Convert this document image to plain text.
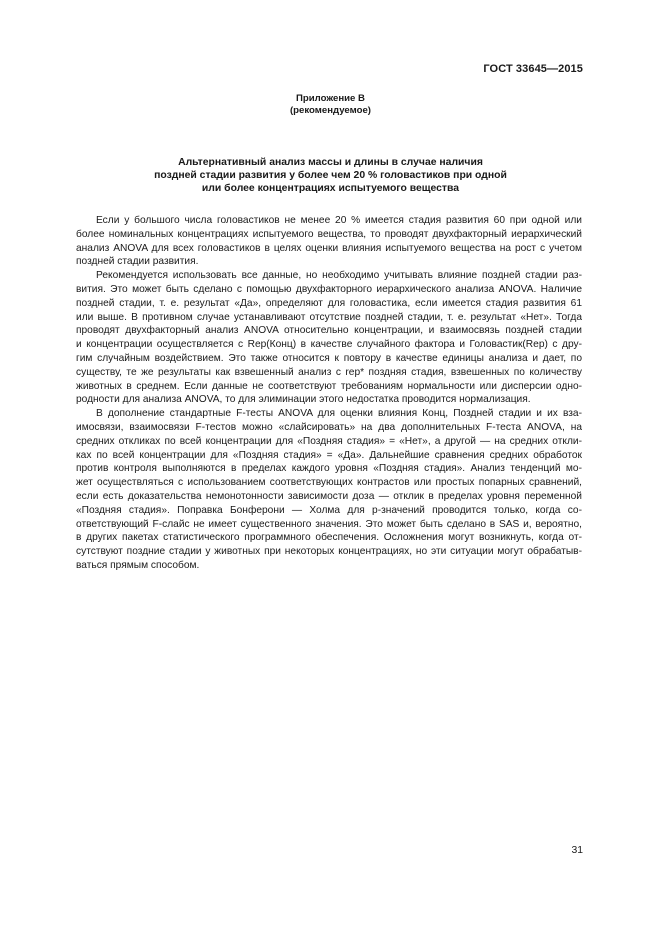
ГОСТ 33645—2015
Приложение В
(рекомендуемое)
Альтернативный анализ массы и длины в случае наличия
поздней стадии развития у более чем 20 % головастиков при одной
или более концентрациях испытуемого вещества
Если у большого числа головастиков не менее 20 % имеется стадия развития 60 при одной или
более номинальных концентрациях испытуемого вещества, то проводят двухфакторный иерархический
анализ ANOVA для всех головастиков в целях оценки влияния испытуемого вещества на рост с учетом
поздней стадии развития.
Рекомендуется использовать все данные, но необходимо учитывать влияние поздней стадии раз-
вития. Это может быть сделано с помощью двухфакторного иерархического анализа ANOVA. Наличие
поздней стадии, т. е. результат «Да», определяют для головастика, если имеется стадия развития 61
или выше. В противном случае устанавливают отсутствие поздней стадии, т. е. результат «Нет». Тогда
проводят двухфакторный анализ ANOVA относительно концентрации, и взаимосвязь поздней стадии
и концентрации осуществляется с Rep(Конц) в качестве случайного фактора и Головастик(Rep) с дру-
гим случайным воздействием. Это также относится к повтору в качестве единицы анализа и дает, по
существу, те же результаты как взвешенный анализ с rep* поздняя стадия, взвешенных по количеству
животных в среднем. Если данные не соответствуют требованиям нормальности или дисперсии одно-
родности для анализа ANOVA, то для элиминации этого недостатка проводится нормализация.
В дополнение стандартные F-тесты ANOVA для оценки влияния Конц, Поздней стадии и их вза-
имосвязи, взаимосвязи F-тестов можно «слайсировать» на два дополнительных F-теста ANOVA, на
средних откликах по всей концентрации для «Поздняя стадия» = «Нет», а другой — на средних откли-
ках по всей концентрации для «Поздняя стадия» = «Да». Дальнейшие сравнения средних обработок
против контроля выполняются в пределах каждого уровня «Поздняя стадия». Анализ тенденций мо-
жет осуществляться с использованием соответствующих контрастов или простых попарных сравнений,
если есть доказательства немонотонности зависимости доза — отклик в пределах уровня переменной
«Поздняя стадия». Поправка Бонферони — Холма для p-значений проводится только, когда со-
ответствующий F-слайс не имеет существенного значения. Это может быть сделано в SAS и, вероятно,
в других пакетах статистического программного обеспечения. Осложнения могут возникнуть, когда от-
сутствуют поздние стадии у животных при некоторых концентрациях, но эти ситуации могут обрабатыв-
ваться прямым способом.
31
